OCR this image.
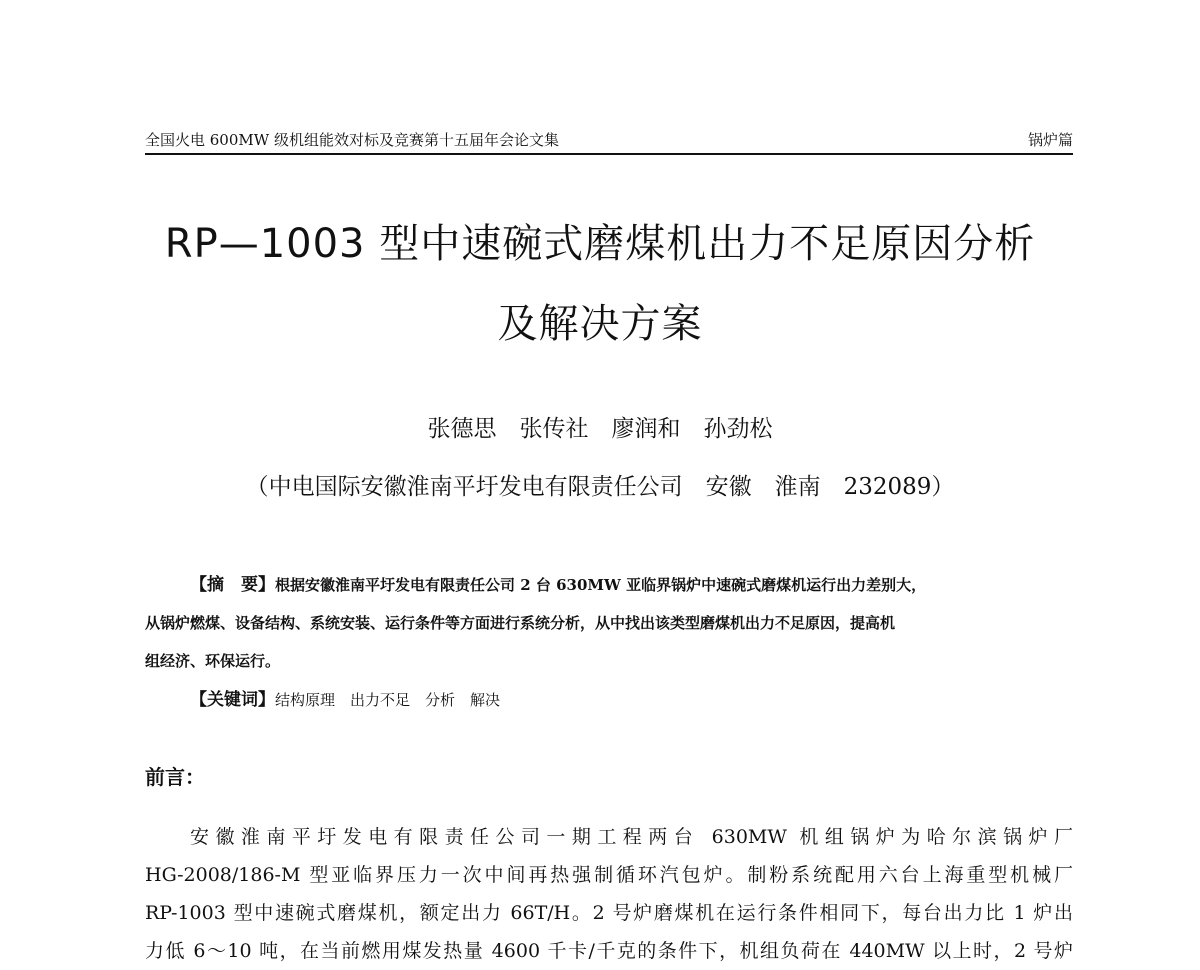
全国火电 600MW 级机组能效对标及竞赛第十五届年会论文集	锅炉篇
RP—1003 型中速碗式磨煤机出力不足原因分析
及解决方案
张德思　张传社　廖润和　孙劲松
（中电国际安徽淮南平圩发电有限责任公司　安徽　淮南　232089）
【摘　要】根据安徽淮南平圩发电有限责任公司 2 台 630MW 亚临界锅炉中速碗式磨煤机运行出力差别大，
从锅炉燃煤、设备结构、系统安装、运行条件等方面进行系统分析，从中找出该类型磨煤机出力不足原因，提高机
组经济、环保运行。
【关键词】结构原理　出力不足　分析　解决
前言：
安徽淮南平圩发电有限责任公司一期工程两台 630MW 机组锅炉为哈尔滨锅炉厂
HG-2008/186-M 型亚临界压力一次中间再热强制循环汽包炉。制粉系统配用六台上海重型机械厂
RP-1003 型中速碗式磨煤机，额定出力 66T/H。2 号炉磨煤机在运行条件相同下，每台出力比 1 炉出
力低 6～10 吨，在当前燃用煤发热量 4600 千卡/千克的条件下，机组负荷在 440MW 以上时，2 号炉
